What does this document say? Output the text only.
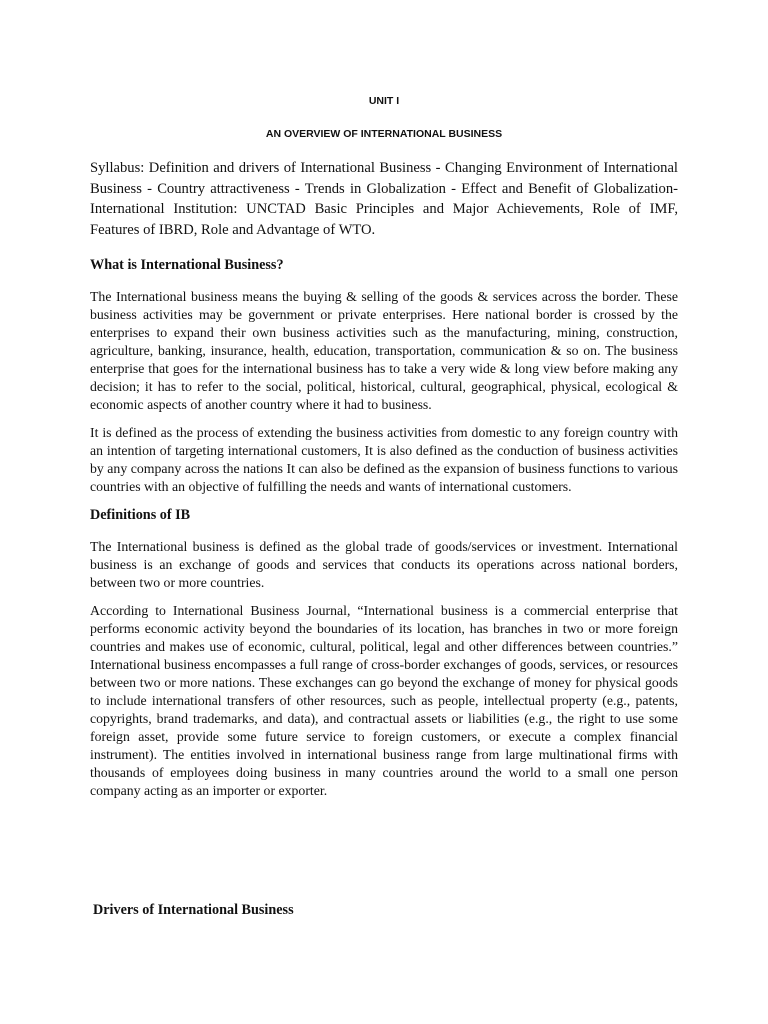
UNIT I

AN OVERVIEW OF INTERNATIONAL BUSINESS

Syllabus: Definition and drivers of International Business - Changing Environment of International Business - Country attractiveness - Trends in Globalization - Effect and Benefit of Globalization-International Institution: UNCTAD Basic Principles and Major Achievements, Role of IMF, Features of IBRD, Role and Advantage of WTO.

What is International Business?

The International business means the buying & selling of the goods & services across the border. These business activities may be government or private enterprises. Here national border is crossed by the enterprises to expand their own business activities such as the manufacturing, mining, construction, agriculture, banking, insurance, health, education, transportation, communication & so on. The business enterprise that goes for the international business has to take a very wide & long view before making any decision; it has to refer to the social, political, historical, cultural, geographical, physical, ecological & economic aspects of another country where it had to business.

It is defined as the process of extending the business activities from domestic to any foreign country with an intention of targeting international customers, It is also defined as the conduction of business activities by any company across the nations It can also be defined as the expansion of business functions to various countries with an objective of fulfilling the needs and wants of international customers.

Definitions of IB

The International business is defined as the global trade of goods/services or investment. International business is an exchange of goods and services that conducts its operations across national borders, between two or more countries.

According to International Business Journal, “International business is a commercial enterprise that performs economic activity beyond the boundaries of its location, has branches in two or more foreign countries and makes use of economic, cultural, political, legal and other differences between countries.” International business encompasses a full range of cross-border exchanges of goods, services, or resources between two or more nations. These exchanges can go beyond the exchange of money for physical goods to include international transfers of other resources, such as people, intellectual property (e.g., patents, copyrights, brand trademarks, and data), and contractual assets or liabilities (e.g., the right to use some foreign asset, provide some future service to foreign customers, or execute a complex financial instrument). The entities involved in international business range from large multinational firms with thousands of employees doing business in many countries around the world to a small one person company acting as an importer or exporter.

Drivers of International Business
